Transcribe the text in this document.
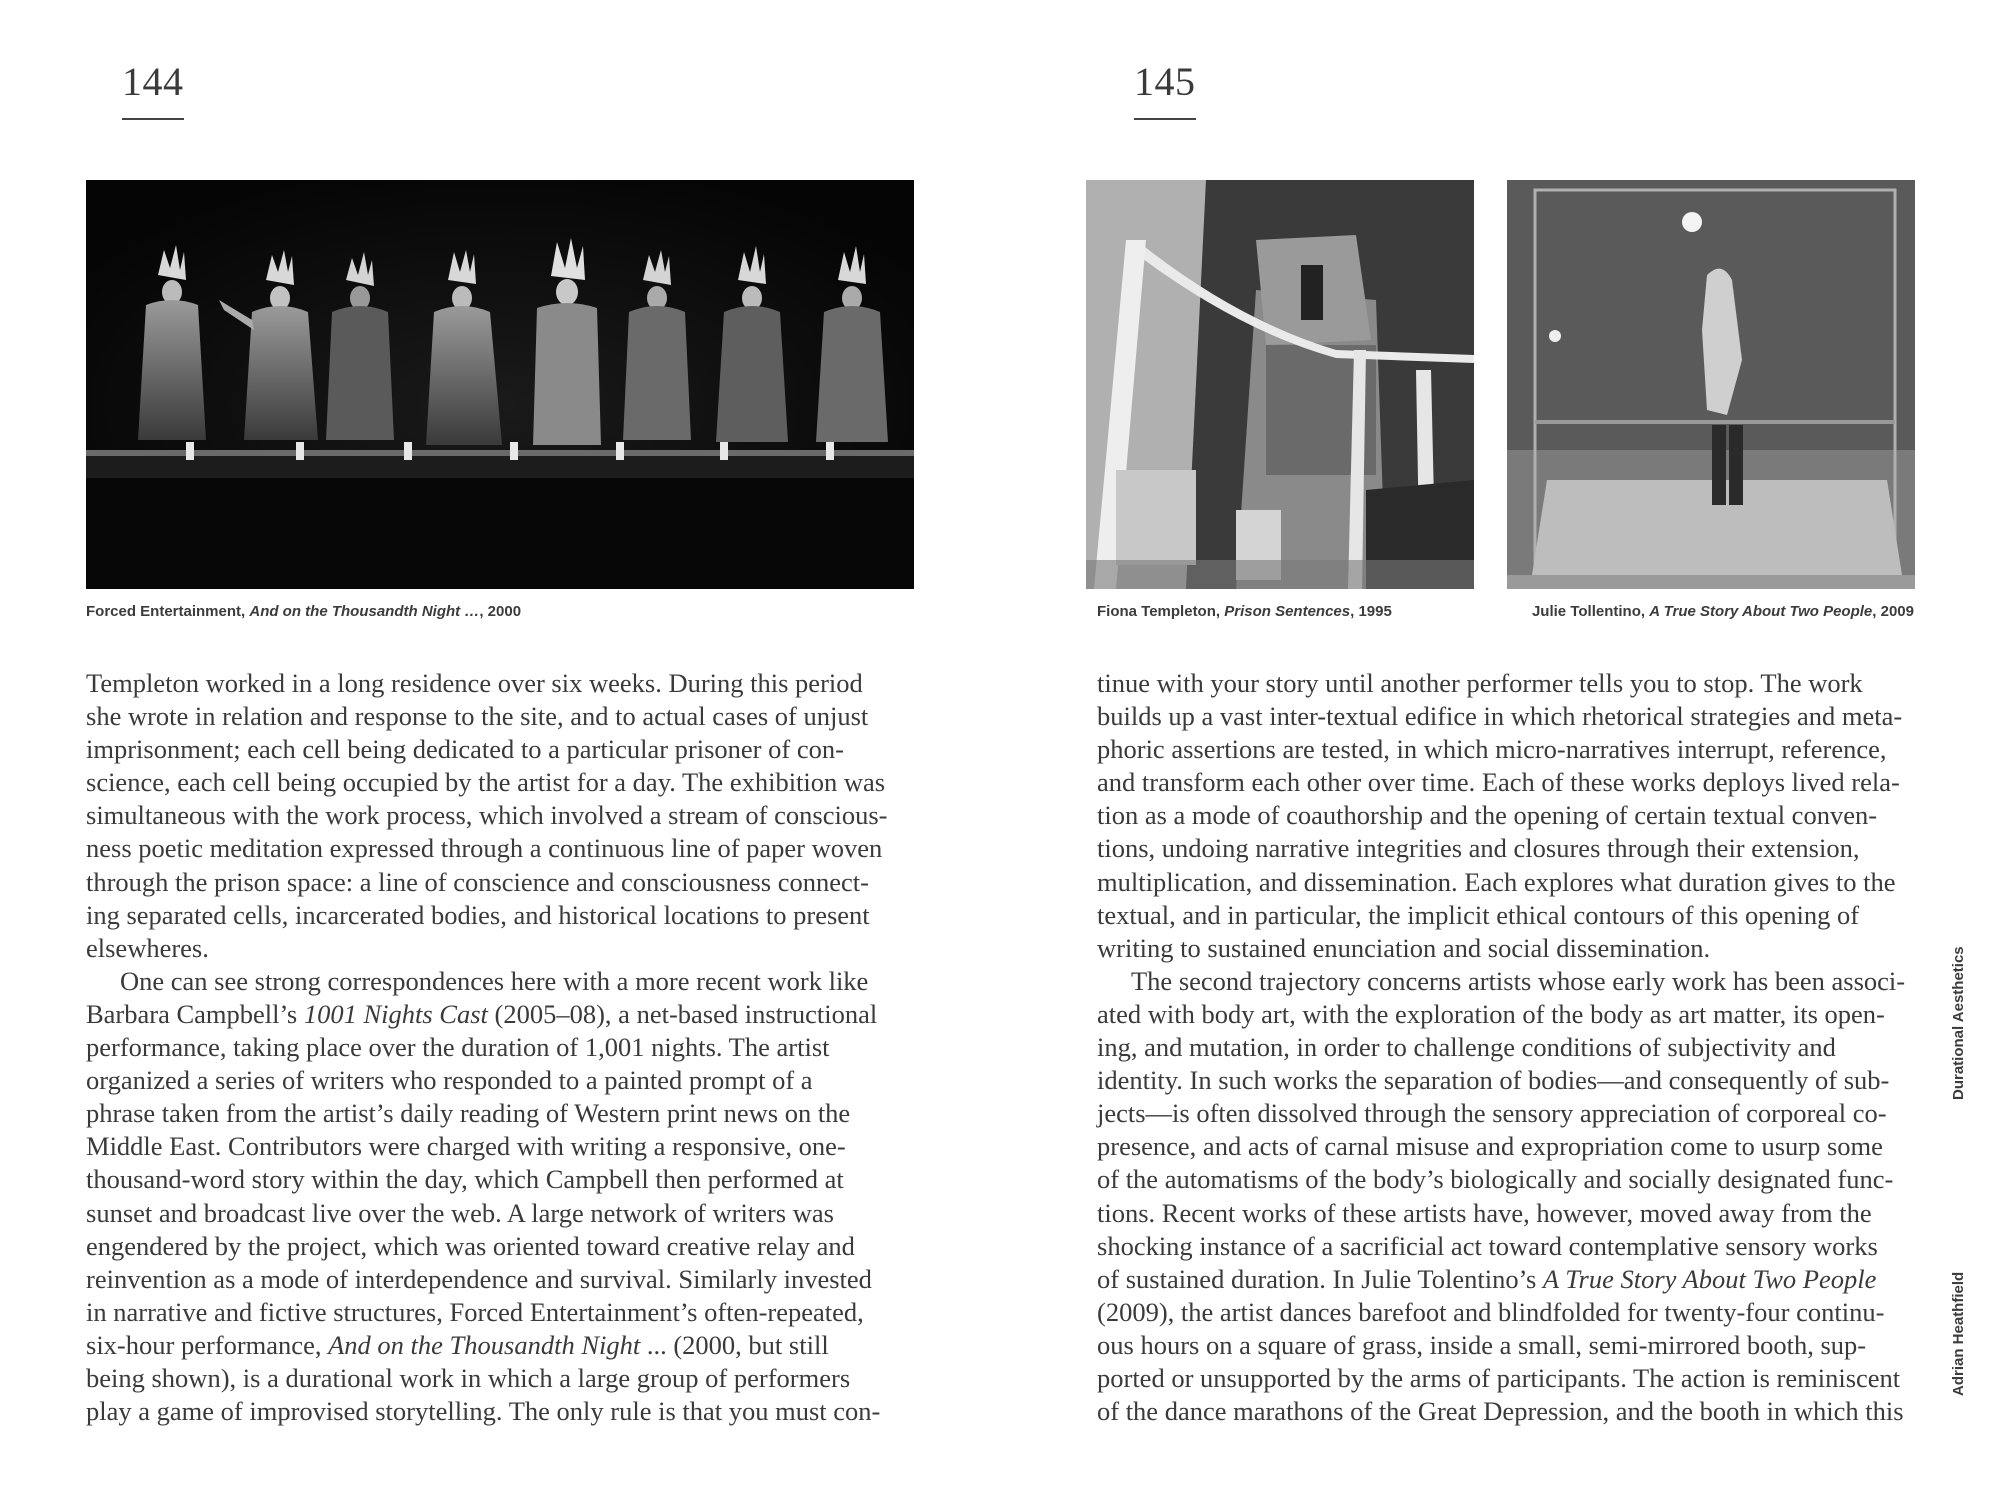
144
Forced Entertainment, And on the Thousandth Night …, 2000
Templeton worked in a long residence over six weeks. During this period
she wrote in relation and response to the site, and to actual cases of unjust
imprisonment; each cell being dedicated to a particular prisoner of con-
science, each cell being occupied by the artist for a day. The exhibition was
simultaneous with the work process, which involved a stream of conscious-
ness poetic meditation expressed through a continuous line of paper woven
through the prison space: a line of conscience and consciousness connect-
ing separated cells, incarcerated bodies, and historical locations to present
elsewheres.
One can see strong correspondences here with a more recent work like
Barbara Campbell’s 1001 Nights Cast (2005–08), a net-based instructional
performance, taking place over the duration of 1,001 nights. The artist
organized a series of writers who responded to a painted prompt of a
phrase taken from the artist’s daily reading of Western print news on the
Middle East. Contributors were charged with writing a responsive, one-
thousand-word story within the day, which Campbell then performed at
sunset and broadcast live over the web. A large network of writers was
engendered by the project, which was oriented toward creative relay and
reinvention as a mode of interdependence and survival. Similarly invested
in narrative and fictive structures, Forced Entertainment’s often-repeated,
six-hour performance, And on the Thousandth Night ... (2000, but still
being shown), is a durational work in which a large group of performers
play a game of improvised storytelling. The only rule is that you must con-
145
Fiona Templeton, Prison Sentences, 1995	Julie Tollentino, A True Story About Two People, 2009
tinue with your story until another performer tells you to stop. The work
builds up a vast inter-textual edifice in which rhetorical strategies and meta-
phoric assertions are tested, in which micro-narratives interrupt, reference,
and transform each other over time. Each of these works deploys lived rela-
tion as a mode of coauthorship and the opening of certain textual conven-
tions, undoing narrative integrities and closures through their extension,
multiplication, and dissemination. Each explores what duration gives to the
textual, and in particular, the implicit ethical contours of this opening of
writing to sustained enunciation and social dissemination.
The second trajectory concerns artists whose early work has been associ-
ated with body art, with the exploration of the body as art matter, its open-
ing, and mutation, in order to challenge conditions of subjectivity and
identity. In such works the separation of bodies—and consequently of sub-
jects—is often dissolved through the sensory appreciation of corporeal co-
presence, and acts of carnal misuse and expropriation come to usurp some
of the automatisms of the body’s biologically and socially designated func-
tions. Recent works of these artists have, however, moved away from the
shocking instance of a sacrificial act toward contemplative sensory works
of sustained duration. In Julie Tolentino’s A True Story About Two People
(2009), the artist dances barefoot and blindfolded for twenty-four continu-
ous hours on a square of grass, inside a small, semi-mirrored booth, sup-
ported or unsupported by the arms of participants. The action is reminiscent
of the dance marathons of the Great Depression, and the booth in which this
Durational Aesthetics
Adrian Heathfield
